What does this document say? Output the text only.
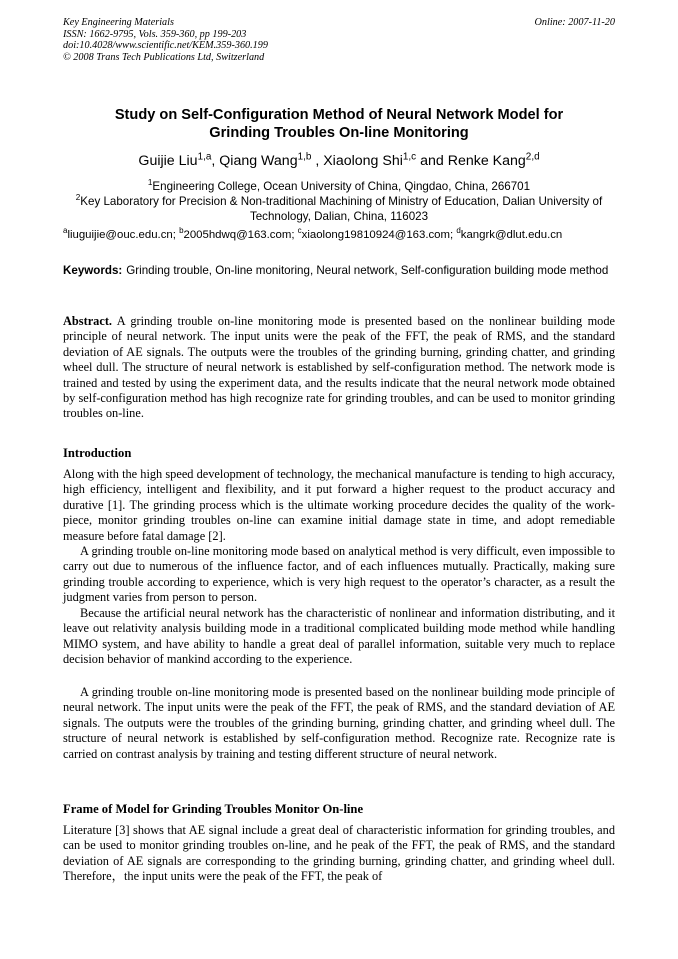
Key Engineering Materials
ISSN: 1662-9795, Vols. 359-360, pp 199-203
doi:10.4028/www.scientific.net/KEM.359-360.199
© 2008 Trans Tech Publications Ltd, Switzerland
Online: 2007-11-20
Study on Self-Configuration Method of Neural Network Model for
Grinding Troubles On-line Monitoring
Guijie Liu$^{1,a}$, Qiang Wang$^{1,b}$ , Xiaolong Shi$^{1,c}$ and Renke Kang$^{2,d}$
$^1$Engineering College, Ocean University of China, Qingdao, China, 266701
$^2$Key Laboratory for Precision & Non-traditional Machining of Ministry of Education, Dalian University of Technology, Dalian, China, 116023
$^a$liuguijie@ouc.edu.cn; $^b$2005hdwq@163.com; $^c$xiaolong19810924@163.com; $^d$kangrk@dlut.edu.cn
Keywords: Grinding trouble, On-line monitoring, Neural network, Self-configuration building mode method
Abstract. A grinding trouble on-line monitoring mode is presented based on the nonlinear building mode principle of neural network. The input units were the peak of the FFT, the peak of RMS, and the standard deviation of AE signals. The outputs were the troubles of the grinding burning, grinding chatter, and grinding wheel dull. The structure of neural network is established by self-configuration method. The network mode is trained and tested by using the experiment data, and the results indicate that the neural network mode obtained by self-configuration method has high recognize rate for grinding troubles, and can be used to monitor grinding troubles on-line.
Introduction
Along with the high speed development of technology, the mechanical manufacture is tending to high accuracy, high efficiency, intelligent and flexibility, and it put forward a higher request to the product accuracy and durative [1]. The grinding process which is the ultimate working procedure decides the quality of the work-piece, monitor grinding troubles on-line can examine initial damage state in time, and adopt remediable measure before fatal damage [2].
A grinding trouble on-line monitoring mode based on analytical method is very difficult, even impossible to carry out due to numerous of the influence factor, and of each influences mutually. Practically, making sure grinding trouble according to experience, which is very high request to the operator’s character, as a result the judgment varies from person to person.
Because the artificial neural network has the characteristic of nonlinear and information distributing, and it leave out relativity analysis building mode in a traditional complicated building mode method while handling MIMO system, and have ability to handle a great deal of parallel information, suitable very much to replace decision behavior of mankind according to the experience.
A grinding trouble on-line monitoring mode is presented based on the nonlinear building mode principle of neural network. The input units were the peak of the FFT, the peak of RMS, and the standard deviation of AE signals. The outputs were the troubles of the grinding burning, grinding chatter, and grinding wheel dull. The structure of neural network is established by self-configuration method. Recognize rate. Recognize rate is carried on contrast analysis by training and testing different structure of neural network.
Frame of Model for Grinding Troubles Monitor On-line
Literature [3] shows that AE signal include a great deal of characteristic information for grinding troubles, and can be used to monitor grinding troubles on-line, and he peak of the FFT, the peak of RMS, and the standard deviation of AE signals are corresponding to the grinding burning, grinding chatter, and grinding wheel dull. Therefore，the input units were the peak of the FFT, the peak of
